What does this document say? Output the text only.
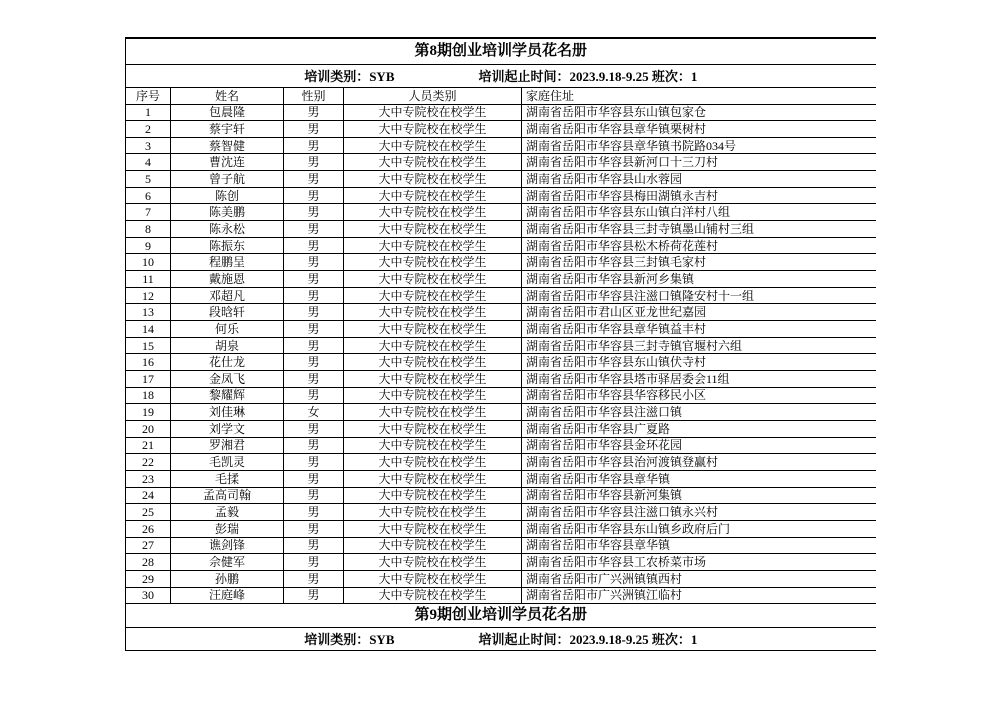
第8期创业培训学员花名册				
培训类别：SYB 培训起止时间：2023.9.18-9.25 班次：1				
序号	姓名	性别	人员类别	家庭住址
1	包晨隆	男	大中专院校在校学生	湖南省岳阳市华容县东山镇包家仓
2	蔡宇轩	男	大中专院校在校学生	湖南省岳阳市华容县章华镇栗树村
3	蔡智健	男	大中专院校在校学生	湖南省岳阳市华容县章华镇书院路034号
4	曹沈连	男	大中专院校在校学生	湖南省岳阳市华容县新河口十三刀村
5	曾子航	男	大中专院校在校学生	湖南省岳阳市华容县山水蓉园
6	陈创	男	大中专院校在校学生	湖南省岳阳市华容县梅田湖镇永吉村
7	陈美鹏	男	大中专院校在校学生	湖南省岳阳市华容县东山镇白洋村八组
8	陈永松	男	大中专院校在校学生	湖南省岳阳市华容县三封寺镇墨山铺村三组
9	陈振东	男	大中专院校在校学生	湖南省岳阳市华容县松木桥荷花莲村
10	程鹏呈	男	大中专院校在校学生	湖南省岳阳市华容县三封镇毛家村
11	戴施恩	男	大中专院校在校学生	湖南省岳阳市华容县新河乡集镇
12	邓超凡	男	大中专院校在校学生	湖南省岳阳市华容县注滋口镇隆安村十一组
13	段晗轩	男	大中专院校在校学生	湖南省岳阳市君山区亚龙世纪嘉园
14	何乐	男	大中专院校在校学生	湖南省岳阳市华容县章华镇益丰村
15	胡泉	男	大中专院校在校学生	湖南省岳阳市华容县三封寺镇官堰村六组
16	花仕龙	男	大中专院校在校学生	湖南省岳阳市华容县东山镇伏寺村
17	金凤飞	男	大中专院校在校学生	湖南省岳阳市华容县塔市驿居委会11组
18	黎耀辉	男	大中专院校在校学生	湖南省岳阳市华容县华容移民小区
19	刘佳琳	女	大中专院校在校学生	湖南省岳阳市华容县注滋口镇
20	刘学文	男	大中专院校在校学生	湖南省岳阳市华容县广夏路
21	罗湘君	男	大中专院校在校学生	湖南省岳阳市华容县金环花园
22	毛凯灵	男	大中专院校在校学生	湖南省岳阳市华容县治河渡镇登赢村
23	毛揉	男	大中专院校在校学生	湖南省岳阳市华容县章华镇
24	孟高司翰	男	大中专院校在校学生	湖南省岳阳市华容县新河集镇
25	孟毅	男	大中专院校在校学生	湖南省岳阳市华容县注滋口镇永兴村
26	彭瑞	男	大中专院校在校学生	湖南省岳阳市华容县东山镇乡政府后门
27	谯剑锋	男	大中专院校在校学生	湖南省岳阳市华容县章华镇
28	佘健军	男	大中专院校在校学生	湖南省岳阳市华容县工农桥菜市场
29	孙鹏	男	大中专院校在校学生	湖南省岳阳市广兴洲镇镇西村
30	汪庭峰	男	大中专院校在校学生	湖南省岳阳市广兴洲镇江临村
第9期创业培训学员花名册				
培训类别：SYB 培训起止时间：2023.9.18-9.25 班次：1				
